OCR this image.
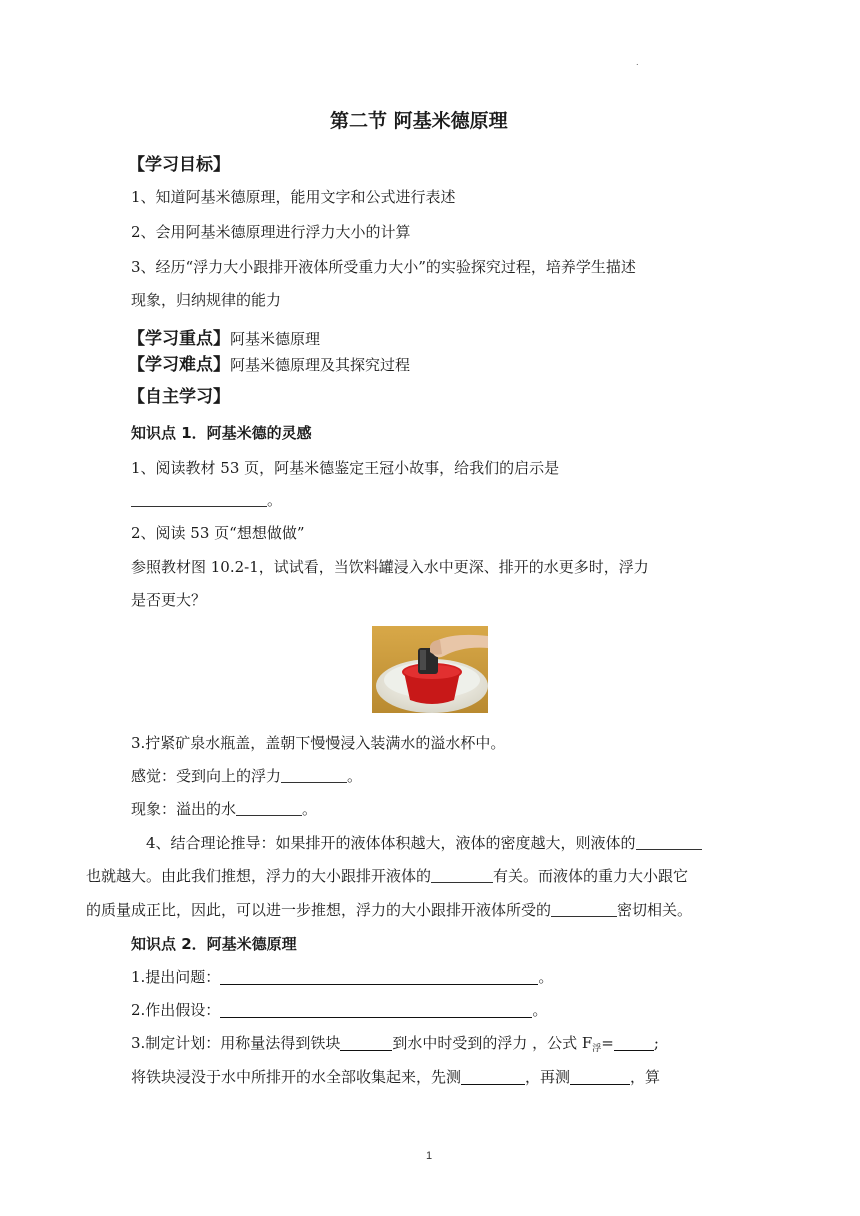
.
第二节 阿基米德原理
【学习目标】
1、知道阿基米德原理，能用文字和公式进行表述
2、会用阿基米德原理进行浮力大小的计算
3、经历“浮力大小跟排开液体所受重力大小”的实验探究过程，培养学生描述
现象，归纳规律的能力
【学习重点】阿基米德原理
【学习难点】阿基米德原理及其探究过程
【自主学习】
知识点 1．阿基米德的灵感
1、阅读教材 53 页，阿基米德鉴定王冠小故事，给我们的启示是
。
2、阅读 53 页“想想做做”
参照教材图 10.2-1，试试看，当饮料罐浸入水中更深、排开的水更多时，浮力
是否更大？
3.拧紧矿泉水瓶盖，盖朝下慢慢浸入装满水的溢水杯中。
感觉：受到向上的浮力	。
现象：溢出的水	。
4、结合理论推导：如果排开的液体体积越大，液体的密度越大，则液体的
也就越大。由此我们推想，浮力的大小跟排开液体的	有关。而液体的重力大小跟它
的质量成正比，因此，可以进一步推想，浮力的大小跟排开液体所受的	密切相关。
知识点 2．阿基米德原理
1.提出问题：	。
2.作出假设：	。
3.制定计划：用称量法得到铁块	到水中时受到的浮力 ，公式 $F_浮=$	;
将铁块浸没于水中所排开的水全部收集起来，先测	，再测	，算
1
